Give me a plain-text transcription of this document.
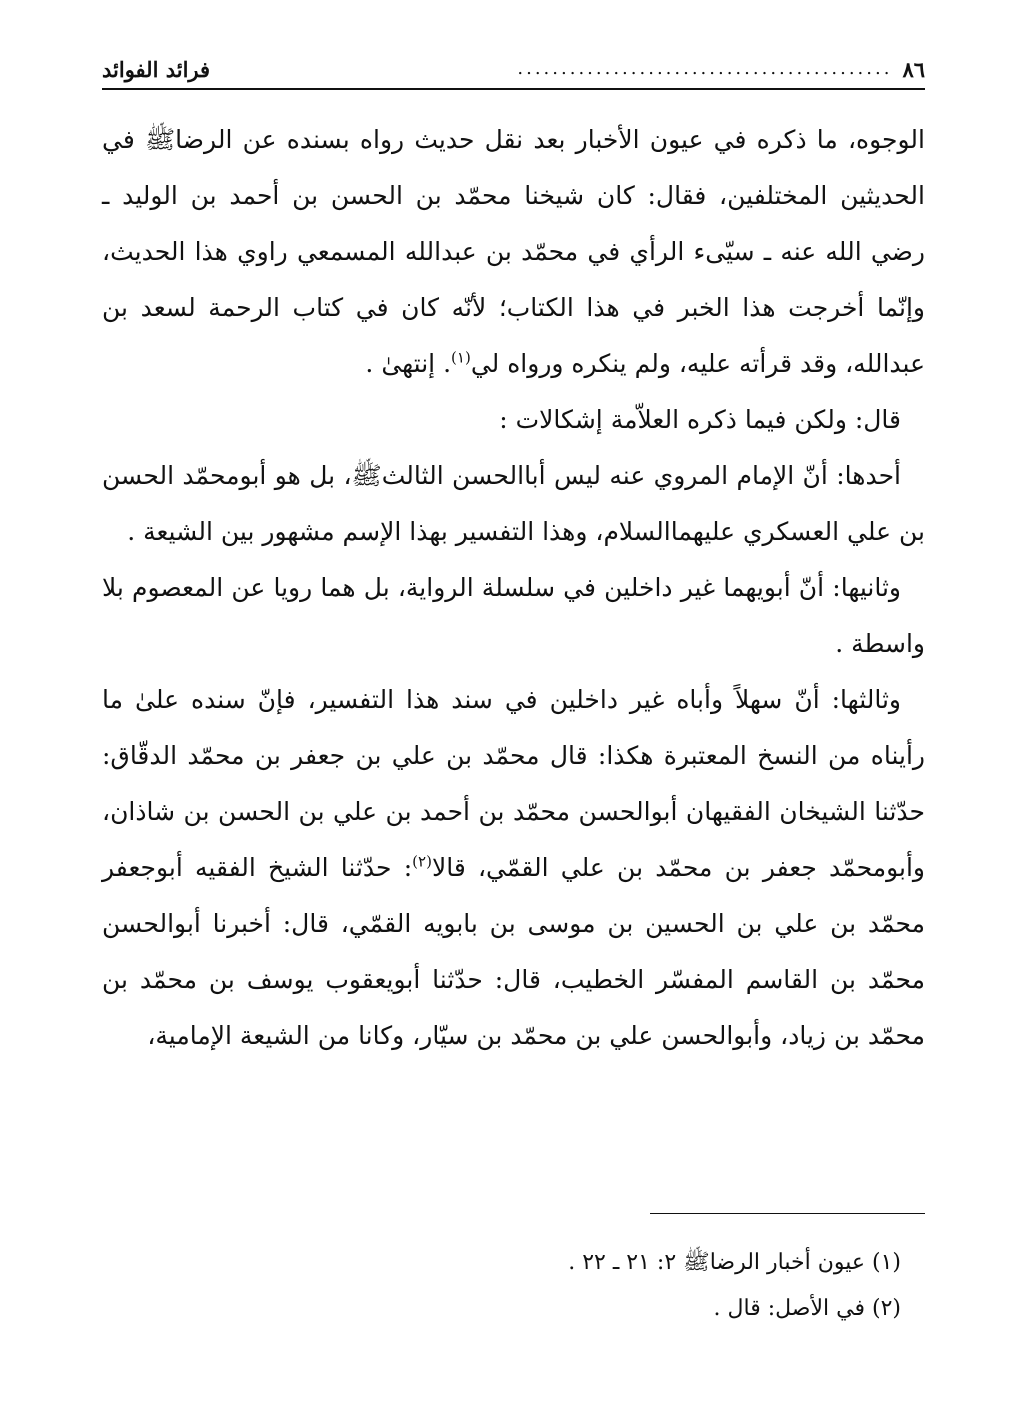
٨٦
...........................................
فرائد الفوائد

الوجوه، ما ذكره في عيون الأخبار بعد نقل حديث رواه بسنده عن الرضاﷺ في الحديثين المختلفين، فقال: كان شيخنا محمّد بن الحسن بن أحمد بن الوليد ـ رضي الله عنه ـ سيّىء الرأي في محمّد بن عبدالله المسمعي راوي هذا الحديث، وإنّما أخرجت هذا الخبر في هذا الكتاب؛ لأنّه كان في كتاب الرحمة لسعد بن عبدالله، وقد قرأته عليه، ولم ينكره ورواه لي$^{(١)}$. إنتهىٰ .

قال: ولكن فيما ذكره العلاّمة إشكالات :

أحدها: أنّ الإمام المروي عنه ليس أباالحسن الثالثﷺ، بل هو أبومحمّد الحسن بن علي العسكري عليهماالسلام، وهذا التفسير بهذا الإسم مشهور بين الشيعة .

وثانيها: أنّ أبويهما غير داخلين في سلسلة الرواية، بل هما رويا عن المعصوم بلا واسطة .

وثالثها: أنّ سهلاً وأباه غير داخلين في سند هذا التفسير، فإنّ سنده علىٰ ما رأيناه من النسخ المعتبرة هكذا: قال محمّد بن علي بن جعفر بن محمّد الدقّاق: حدّثنا الشيخان الفقيهان أبوالحسن محمّد بن أحمد بن علي بن الحسن بن شاذان، وأبومحمّد جعفر بن محمّد بن علي القمّي، قالا$^{(٢)}$: حدّثنا الشيخ الفقيه أبوجعفر محمّد بن علي بن الحسين بن موسى بن بابويه القمّي، قال: أخبرنا أبوالحسن محمّد بن القاسم المفسّر الخطيب، قال: حدّثنا أبويعقوب يوسف بن محمّد بن محمّد بن زياد، وأبوالحسن علي بن محمّد بن سيّار، وكانا من الشيعة الإمامية،

(١) عيون أخبار الرضاﷺ ٢: ٢١ ـ ٢٢ .

(٢) في الأصل: قال .
